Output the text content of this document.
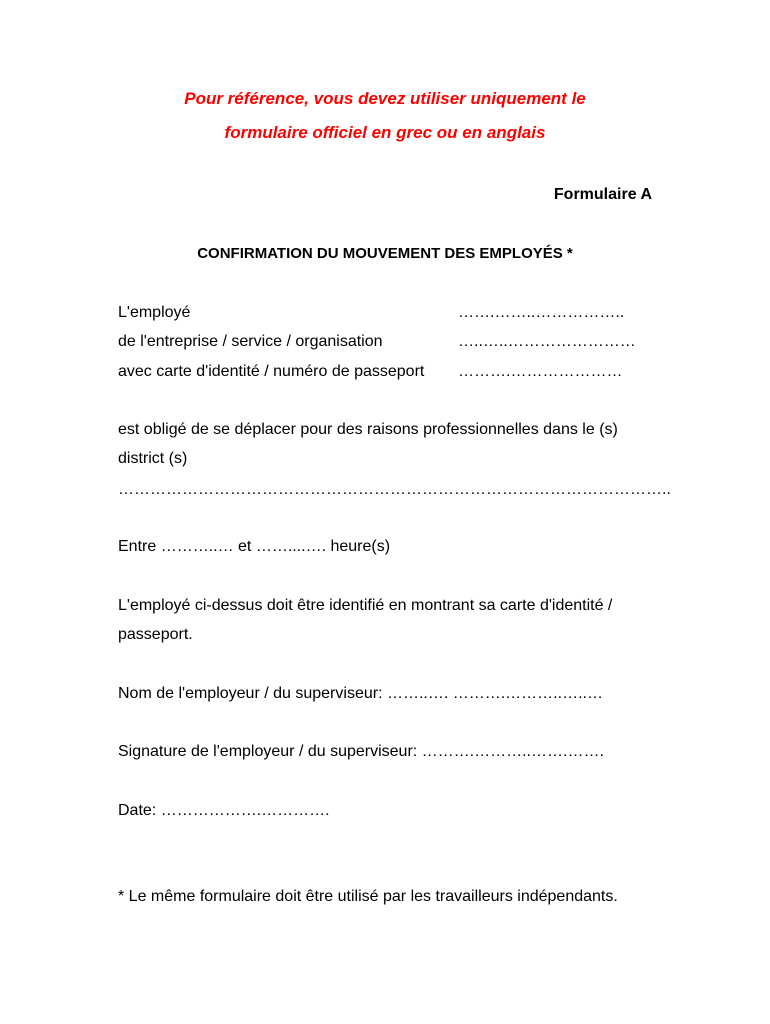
Pour référence, vous devez utiliser uniquement le
formulaire officiel en grec ou en anglais
Formulaire A
CONFIRMATION DU MOUVEMENT DES EMPLOYÉS *
L'employé	…….……..……………..
de l'entreprise / service / organisation	…..…..……………………
avec carte d'identité / numéro de passeport ……….…………………
est obligé de se déplacer pour des raisons professionnelles dans le (s)
district (s)
…………………………………………………………………………………………..
Entre ………..… et ……....…. heure(s)
L'employé ci-dessus doit être identifié en montrant sa carte d'identité /
passeport.
Nom de l'employeur / du superviseur: ……..…. ……….………..…..…
Signature de l'employeur / du superviseur: ……….………..…….…….
Date: ……………….………….
* Le même formulaire doit être utilisé par les travailleurs indépendants.
